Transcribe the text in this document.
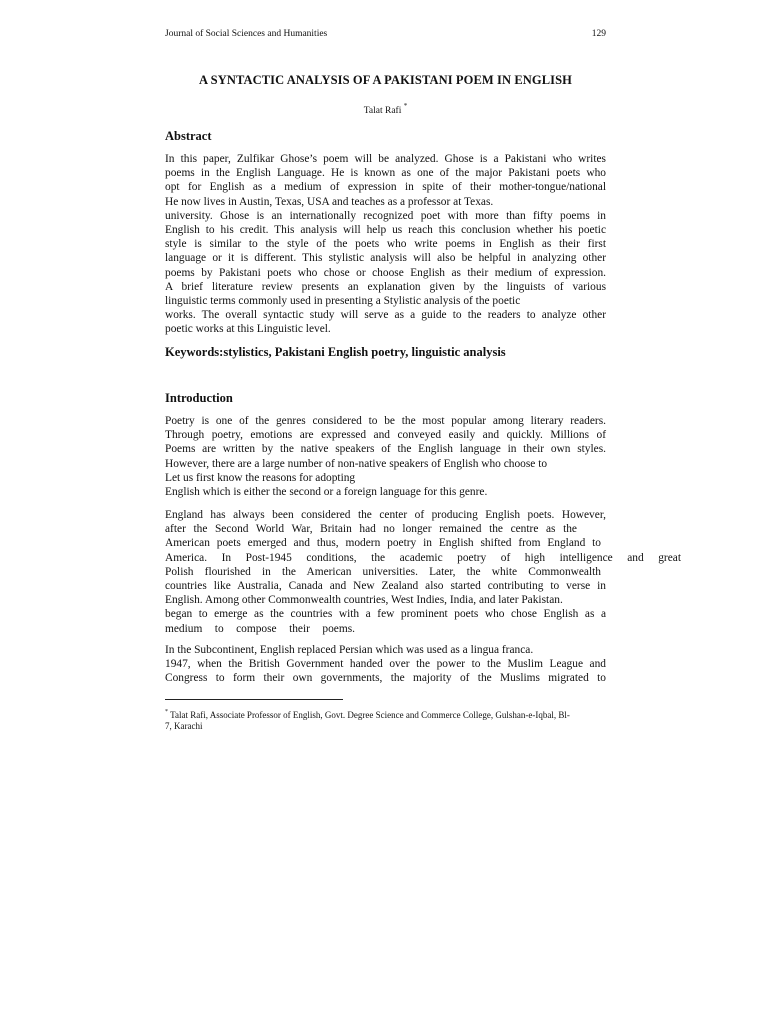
Journal of Social Sciences and Humanities	129
A SYNTACTIC ANALYSIS OF A PAKISTANI POEM IN ENGLISH
Talat Rafi *
Abstract
In this paper, Zulfikar Ghose’s poem will be analyzed. Ghose is a Pakistani who writes
poems in the English Language. He is known as one of the major Pakistani poets who
opt for English as a medium of expression in spite of their mother-tongue/national
He now lives in Austin, Texas, USA and teaches as a professor at Texas.
university. Ghose is an internationally recognized poet with more than fifty poems in
English to his credit. This analysis will help us reach this conclusion whether his poetic
style is similar to the style of the poets who write poems in English as their first
language or it is different. This stylistic analysis will also be helpful in analyzing other
poems by Pakistani poets who chose or choose English as their medium of expression.
A brief literature review presents an explanation given by the linguists of various
linguistic terms commonly used in presenting a Stylistic analysis of the poetic
works. The overall syntactic study will serve as a guide to the readers to analyze other
poetic works at this Linguistic level.
Keywords:stylistics, Pakistani English poetry, linguistic analysis
Introduction
Poetry is one of the genres considered to be the most popular among literary readers.
Through poetry, emotions are expressed and conveyed easily and quickly. Millions of
Poems are written by the native speakers of the English language in their own styles.
However, there are a large number of non-native speakers of English who choose to
Let us first know the reasons for adopting
English which is either the second or a foreign language for this genre.
England has always been considered the center of producing English poets. However,
after the Second World War, Britain had no longer remained the centre as the
American poets emerged and thus, modern poetry in English shifted from England to
America. In Post-1945 conditions, the academic poetry of high intelligence and great
Polish flourished in the American universities. Later, the white Commonwealth
countries like Australia, Canada and New Zealand also started contributing to verse in
English. Among other Commonwealth countries, West Indies, India, and later Pakistan.
began to emerge as the countries with a few prominent poets who chose English as a
medium to compose their poems.
In the Subcontinent, English replaced Persian which was used as a lingua franca.
1947, when the British Government handed over the power to the Muslim League and
Congress to form their own governments, the majority of the Muslims migrated to
* Talat Rafi, Associate Professor of English, Govt. Degree Science and Commerce College, Gulshan-e-Iqbal, Bl-
7, Karachi
